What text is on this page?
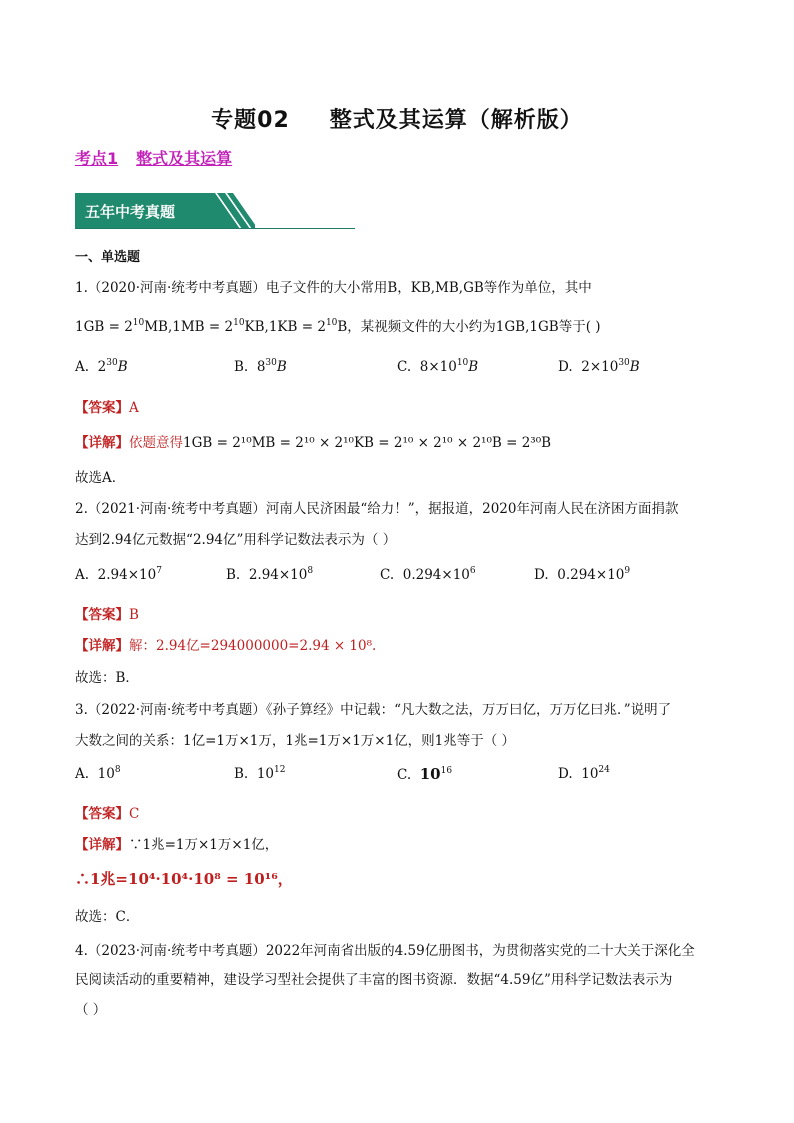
专题02 整式及其运算（解析版）
考点1 整式及其运算
五年中考真题
一、单选题
1.（2020·河南·统考中考真题）电子文件的大小常用B，KB,MB,GB等作为单位，其中
$1GB = 2^{10}MB,1MB = 2^{10}KB,1KB = 2^{10}B$，某视频文件的大小约为1GB,1GB等于( )
A. $2^{30}B$	B. $8^{30}B$	C. $8\times 10^{10}B$	D. $2\times 10^{30}B$
【答案】A
【详解】依题意得1GB = 2¹⁰MB = 2¹⁰ × 2¹⁰KB = 2¹⁰ × 2¹⁰ × 2¹⁰B = 2³⁰B
故选A．
2.（2021·河南·统考中考真题）河南人民济困最“给力！”，据报道，2020年河南人民在济困方面捐款
达到2.94亿元数据“2.94亿”用科学记数法表示为（ ）
A. $2.94\times 10^7$	B. $2.94\times 10^8$	C. $0.294\times 10^6$	D. $0.294\times 10^9$
【答案】B
【详解】解：2.94亿=294000000=2.94 × 10⁸.
故选：B．
3.（2022·河南·统考中考真题）《孙子算经》中记载：“凡大数之法，万万曰亿，万万亿曰兆．”说明了
大数之间的关系：1亿=1万×1万，1兆=1万×1万×1亿，则1兆等于（ ）
A. $10^8$	B. $10^{12}$	C. $10^{16}$	D. $10^{24}$
【答案】C
【详解】∵1兆=1万×1万×1亿，
∴1兆=10⁴·10⁴·10⁸ = 10¹⁶，
故选：C．
4.（2023·河南·统考中考真题）2022年河南省出版的4.59亿册图书，为贯彻落实党的二十大关于深化全
民阅读活动的重要精神，建设学习型社会提供了丰富的图书资源．数据“4.59亿”用科学记数法表示为
（ ）
